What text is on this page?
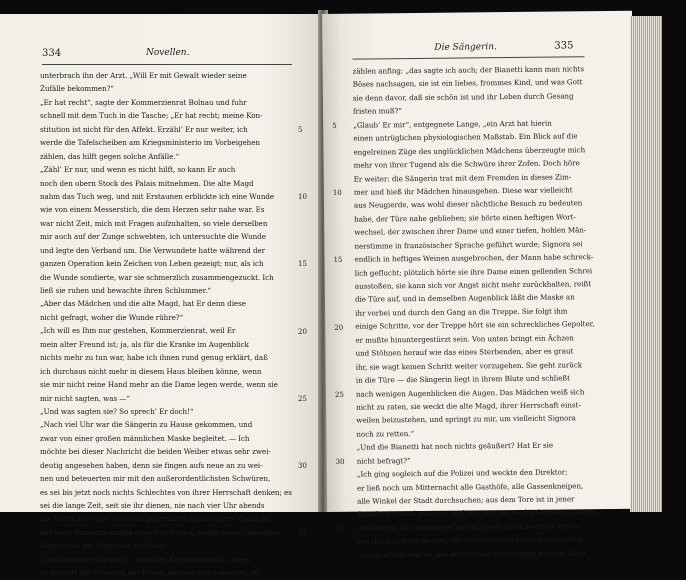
334	Novellen.
unterbrach ihn der Arzt. „Will Er mit Gewalt wieder seine
Zufälle bekommen?“
„Er hat recht“, sagte der Kommerzienrat Bolnau und fuhr
schnell mit dem Tuch in die Tasche; „Er hat recht; meine Kon-
stitution ist nicht für den Affekt. Erzähl’ Er nur weiter, ich
werde die Tafelscheiben am Kriegsministerio im Vorbeigehen
zählen, das hilft gegen solche Anfälle.“
„Zähl’ Er nur, und wenn es nicht hilft, so kann Er auch
noch den obern Stock des Palais mitnehmen. Die alte Magd
nahm das Tuch weg, und mit Erstaunen erblickte ich eine Wunde
wie von einem Messerstich, die dem Herzen sehr nahe war. Es
war nicht Zeit, mich mit Fragen aufzuhalten, so viele derselben
mir auch auf der Zunge schwebten, ich untersuchte die Wunde
und legte den Verband um. Die Verwundete hatte während der
ganzen Operation kein Zeichen von Leben gezeigt; nur, als ich
die Wunde sondierte, war sie schmerzlich zusammengezuckt. Ich
ließ sie ruhen und bewachte ihren Schlummer.“
„Aber das Mädchen und die alte Magd, hat Er denn diese
nicht gefragt, woher die Wunde rühre?“
„Ich will es Ihm nur gestehen, Kommerzienrat, weil Er
mein alter Freund ist; ja, als für die Kranke im Augenblick
nichts mehr zu tun war, habe ich ihnen rund genug erklärt, daß
ich durchaus nicht mehr in diesem Haus bleiben könne, wenn
sie mir nicht reine Hand mehr an die Dame legen werde, wenn sie
mir nicht sagten, was —“
„Und was sagten sie? So sprech’ Er doch!“
„Nach viel Uhr war die Sängerin zu Hause gekommen, und
zwar von einer großen männlichen Maske begleitet. — Ich
möchte bei dieser Nachricht die beiden Weiber etwas sehr zwei-
deutig angesehen haben, denn sie fingen aufs neue an zu wei-
nen und beteuerten mir mit den außerordentlichsten Schwüren,
es sei bis jetzt noch nichts Schlechtes von ihrer Herrschaft denken; es
sei die lange Zeit, seit sie ihr dienen, nie nach vier Uhr abends
ein Mann über ihre Schwelle gekommen; das kleinere Mädchen,
das wohl Romanne mußte geheißen haben, wollte sogar behaupten,
Signora sei ein Engel von Reinheit.“
„Das behaupte ich auch“, sagte der Kommerzienrat, indem
er gerührt die Scheiben des Palais, dem sie sich näherten, zu
5
10
15
20
25
30
35
Die Sängerin.	335
zählen anfing; „das sagte ich auch; der Bianetti kann man nichts
Böses nachsagen, sie ist ein liebes, frommes Kind, und was Gott
sie denn davor, daß sie schön ist und ihr Leben durch Gesang
fristen muß?“
„Glaub’ Er mir“, entgegnete Lange, „ein Arzt hat hierin
einen untrüglichen physiologischen Maßstab. Ein Blick auf die
engelreinen Züge des unglücklichen Mädchens überzeugte mich
mehr von ihrer Tugend als die Schwüre ihrer Zofen. Doch höre
Er weiter: die Sängerin trat mit dem Fremden in dieses Zim-
mer und hieß ihr Mädchen hinausgehen. Diese war vielleicht
aus Neugierde, was wohl dieser nächtliche Besuch zu bedeuten
habe, der Türe nahe geblieben; sie hörte einen heftigen Wort-
wechsel, der zwischen ihrer Dame und einer tiefen, hohlen Män-
nerstimme in französischer Sprache geführt wurde; Signora sei
endlich in heftiges Weinen ausgebrochen, der Mann habe schreck-
lich geflucht; plötzlich hörte sie ihre Dame einen gellenden Schrei
ausstoßen, sie kann sich vor Angst nicht mehr zurückhalten, reißt
die Türe auf, und in demselben Augenblick läßt die Maske an
ihr vorbei und durch den Gang an die Treppe. Sie folgt ihm
einige Schritte, vor der Treppe hört sie ein schreckliches Gepolter,
er mußte hinuntergestürzt sein. Von unten bringt ein Ächzen
und Stöhnen herauf wie das eines Sterbenden, aber es graut
ihr, sie wagt keinen Schritt weiter vorzugehen. Sie geht zurück
in die Türe — die Sängerin liegt in ihrem Blute und schließt
nach wenigen Augenblicken die Augen. Das Mädchen weiß sich
nicht zu raten, sie weckt die alte Magd, ihrer Herrschaft einst-
weilen beizustehen, und springt zu mir, um vielleicht Signora
noch zu retten.“
„Und die Bianetti hat noch nichts geäußert? Hat Er sie
nicht befragt?“
„Ich ging sogleich auf die Polizei und weckte den Direktor;
er ließ noch um Mitternacht alle Gasthöfe, alle Gassenkneipen,
alle Winkel der Stadt durchsuchen; aus dem Tore ist in jener
Stunde niemand passiert, und von jetzt an wird jedermann strenge
untersucht. Die Hausleute, die im obern Stock wohnen, erfuh-
ren die ganze Sache erst, als die Polizei das Haus durchsuchte;
unbegreiflich war es, wie der Mörder entspringen konnte, da er
5
10
15
20
25
30
35
